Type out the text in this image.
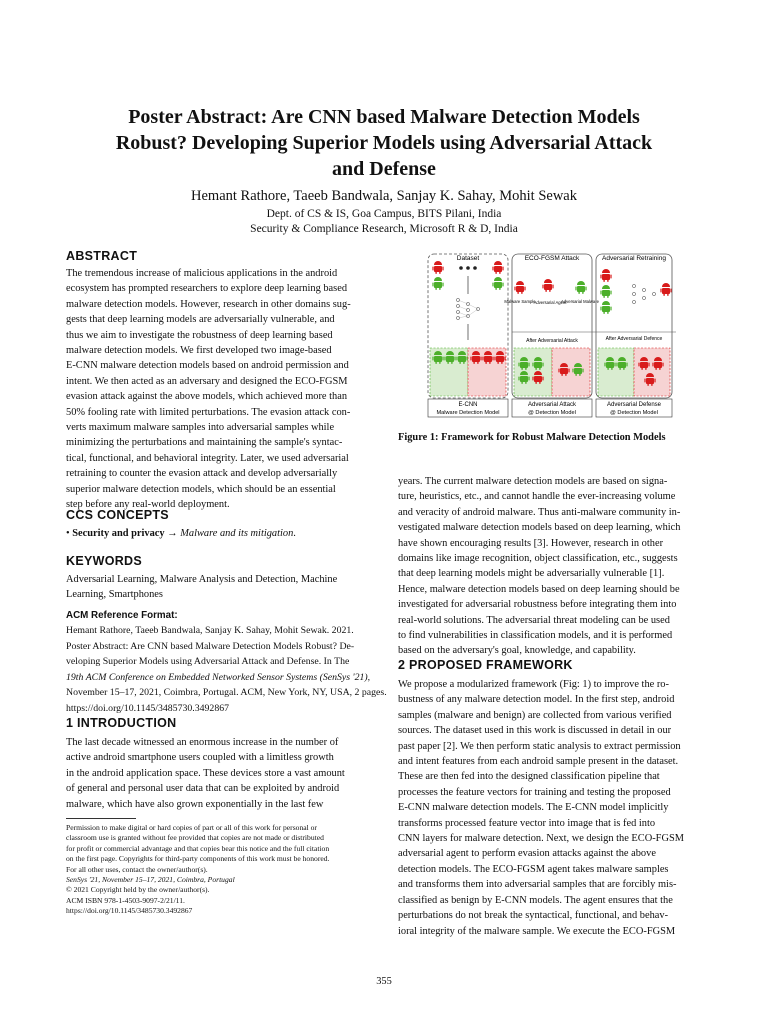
Poster Abstract: Are CNN based Malware Detection Models
Robust? Developing Superior Models using Adversarial Attack
and Defense
Hemant Rathore, Taeeb Bandwala, Sanjay K. Sahay, Mohit Sewak
Dept. of CS & IS, Goa Campus, BITS Pilani, India
Security & Compliance Research, Microsoft R & D, India
ABSTRACT
The tremendous increase of malicious applications in the android
ecosystem has prompted researchers to explore deep learning based
malware detection models. However, research in other domains sug-
gests that deep learning models are adversarially vulnerable, and
thus we aim to investigate the robustness of deep learning based
malware detection models. We first developed two image-based
E-CNN malware detection models based on android permission and
intent. We then acted as an adversary and designed the ECO-FGSM
evasion attack against the above models, which achieved more than
50% fooling rate with limited perturbations. The evasion attack con-
verts maximum malware samples into adversarial samples while
minimizing the perturbations and maintaining the sample's syntac-
tical, functional, and behavioral integrity. Later, we used adversarial
retraining to counter the evasion attack and develop adversarially
superior malware detection models, which should be an essential
step before any real-world deployment.
CCS CONCEPTS
• Security and privacy → Malware and its mitigation.
KEYWORDS
Adversarial Learning, Malware Analysis and Detection, Machine
Learning, Smartphones
ACM Reference Format:
Hemant Rathore, Taeeb Bandwala, Sanjay K. Sahay, Mohit Sewak. 2021.
Poster Abstract: Are CNN based Malware Detection Models Robust? De-
veloping Superior Models using Adversarial Attack and Defense. In The
19th ACM Conference on Embedded Networked Sensor Systems (SenSys '21),
November 15–17, 2021, Coimbra, Portugal. ACM, New York, NY, USA, 2 pages.
https://doi.org/10.1145/3485730.3492867
1 INTRODUCTION
The last decade witnessed an enormous increase in the number of
active android smartphone users coupled with a limitless growth
in the android application space. These devices store a vast amount
of general and personal user data that can be exploited by android
malware, which have also grown exponentially in the last few

Permission to make digital or hard copies of part or all of this work for personal or

classroom use is granted without fee provided that copies are not made or distributed

for profit or commercial advantage and that copies bear this notice and the full citation

on the first page. Copyrights for third-party components of this work must be honored.

For all other uses, contact the owner/author(s).

SenSys '21, November 15–17, 2021, Coimbra, Portugal

© 2021 Copyright held by the owner/author(s).

ACM ISBN 978-1-4503-9097-2/21/11.

https://doi.org/10.1145/3485730.3492867

Dataset	ECO-FGSM Attack
Malware Sample
Adversarial Agent
Adversarial Malware
After Adversarial Attack
Adversarial Retraining
After Adversarial Defence
E-CNN
Malware Detection Model
Adversarial Attack
@ Detection Model
Adversarial Defense
@ Detection Model
Figure 1: Framework for Robust Malware Detection Models
years. The current malware detection models are based on signa-
ture, heuristics, etc., and cannot handle the ever-increasing volume
and veracity of android malware. Thus anti-malware community in-
vestigated malware detection models based on deep learning, which
have shown encouraging results [3]. However, research in other
domains like image recognition, object classification, etc., suggests
that deep learning models might be adversarially vulnerable [1].
Hence, malware detection models based on deep learning should be
investigated for adversarial robustness before integrating them into
real-world solutions. The adversarial threat modeling can be used
to find vulnerabilities in classification models, and it is performed
based on the adversary's goal, knowledge, and capability.
2 PROPOSED FRAMEWORK
We propose a modularized framework (Fig: 1) to improve the ro-
bustness of any malware detection model. In the first step, android
samples (malware and benign) are collected from various verified
sources. The dataset used in this work is discussed in detail in our
past paper [2]. We then perform static analysis to extract permission
and intent features from each android sample present in the dataset.
These are then fed into the designed classification pipeline that
processes the feature vectors for training and testing the proposed
E-CNN malware detection models. The E-CNN model implicitly
transforms processed feature vector into image that is fed into
CNN layers for malware detection. Next, we design the ECO-FGSM
adversarial agent to perform evasion attacks against the above
detection models. The ECO-FGSM agent takes malware samples
and transforms them into adversarial samples that are forcibly mis-
classified as benign by E-CNN models. The agent ensures that the
perturbations do not break the syntactical, functional, and behav-
ioral integrity of the malware sample. We execute the ECO-FGSM
355
